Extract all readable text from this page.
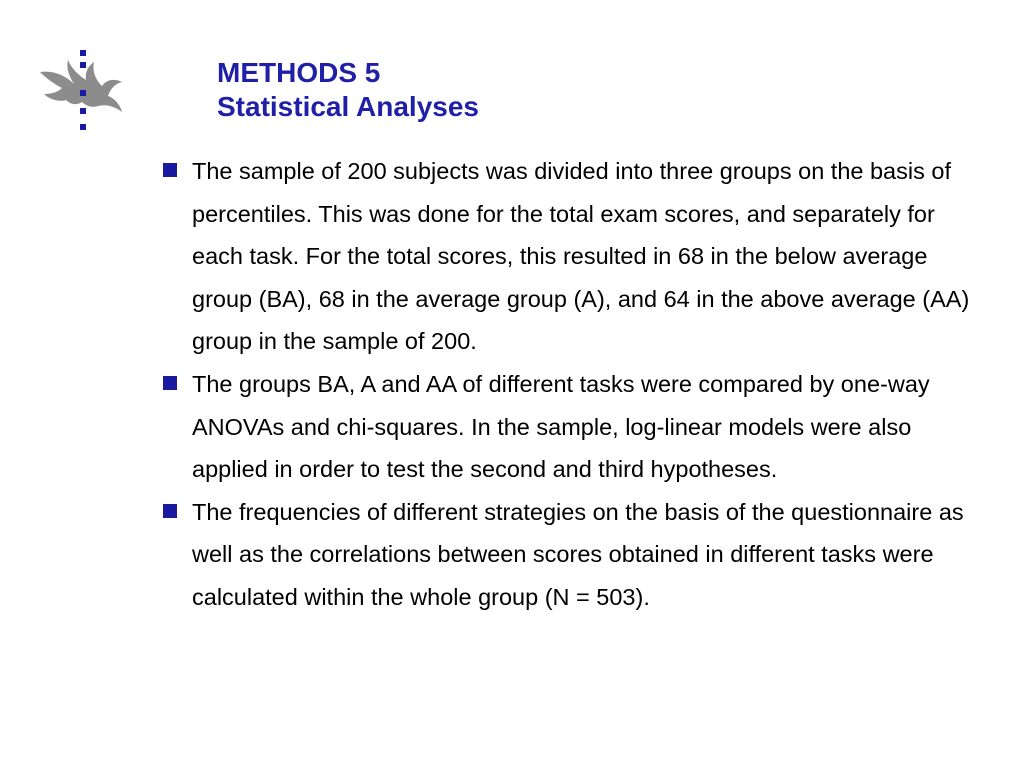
METHODS 5
Statistical Analyses
The sample of 200 subjects was divided into three groups on the basis of percentiles. This was done for the total exam scores, and separately for each task. For the total scores, this resulted in 68 in the below average group (BA), 68 in the average group (A), and 64 in the above average (AA) group in the sample of 200.
The groups BA, A and AA of different tasks were compared by one-way ANOVAs and chi-squares. In the sample, log-linear models were also applied in order to test the second and third hypotheses.
The frequencies of different strategies on the basis of the questionnaire as well as the correlations between scores obtained in different tasks were calculated within the whole group (N = 503).
